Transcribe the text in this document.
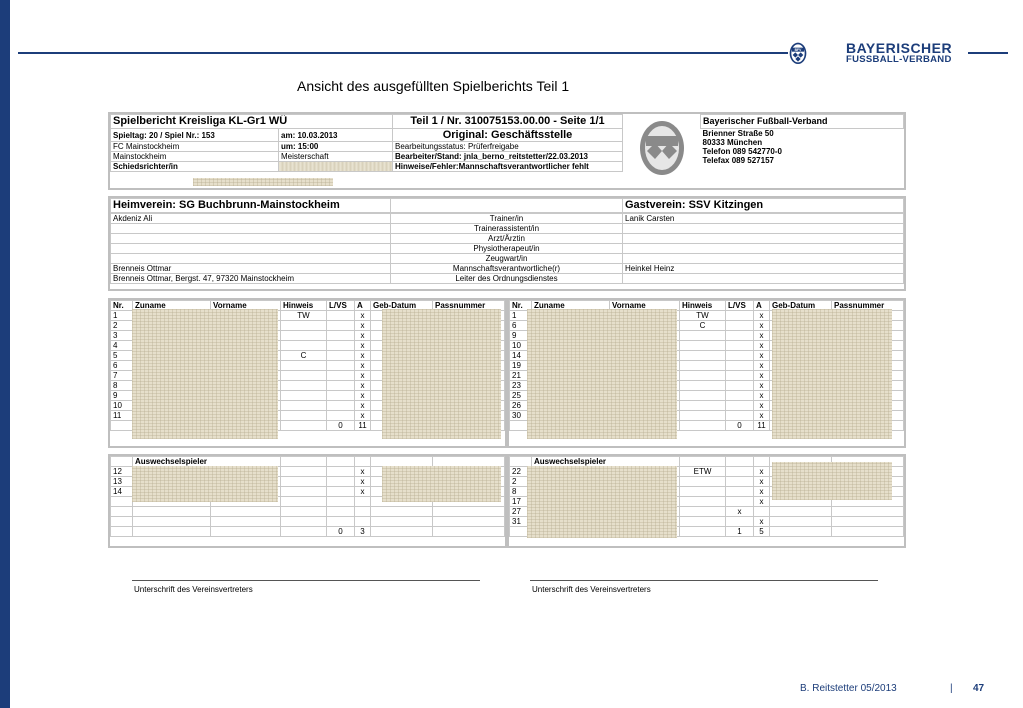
BFV	BAYERISCHER
FUSSBALL-VERBAND
Ansicht des ausgefüllten Spielberichts Teil 1
Spielbericht Kreisliga KL-Gr1 WÜ		Teil 1 / Nr. 310075153.00.00 - Seite 1/1		Bayerischer Fußball-Verband
Spieltag: 20 / Spiel Nr.: 153	am: 10.03.2013	Original: Geschäftsstelle		Brienner Straße 50
80333 München
Telefon 089 542770-0
Telefax 089 527157

FC Mainstockheim	um: 15:00	Bearbeitungsstatus: Prüferfreigabe		
Mainstockheim	Meisterschaft	Bearbeiter/Stand: jnla_berno_reitstetter/22.03.2013		
Schiedsrichter/in		Hinweise/Fehler:Mannschaftsverantwortlicher fehlt		
Heimverein: SG Buchbrunn-Mainstockheim		Gastverein: SSV Kitzingen
Akdeniz Ali	Trainer/in	Lanik Carsten
	Trainerassistent/in	
	Arzt/Ärztin	
	Physiotherapeut/in	
	Zeugwart/in	
Brenneis Ottmar	Mannschaftsverantwortliche(r)	Heinkel Heinz
Brenneis Ottmar, Bergst. 47, 97320 Mainstockheim	Leiter des Ordnungsdienstes	
Nr.	Zuname	Vorname	Hinweis	L/VS	A	Geb-Datum	Passnummer
1			TW		x		
2					x		
3					x		
4					x		
5			C		x		
6					x		
7					x		
8					x		
9					x		
10					x		
11					x		
				0	11		
Nr.	Zuname	Vorname	Hinweis	L/VS	A	Geb-Datum	Passnummer
1			TW		x		
6			C		x		
9					x		
10					x		
14					x		
19					x		
21					x		
23					x		
25					x		
26					x		
30					x		
				0	11		
	Auswechselspieler						
12					x		
13					x		
14					x		

				0	3		
	Auswechselspieler						
22			ETW		x		
2					x		
8					x		
17					x		
27				x			
31					x		
				1	5		
Unterschrift des Vereinsvertreters	Unterschrift des Vereinsvertreters
B. Reitstetter 05/2013	| 47
